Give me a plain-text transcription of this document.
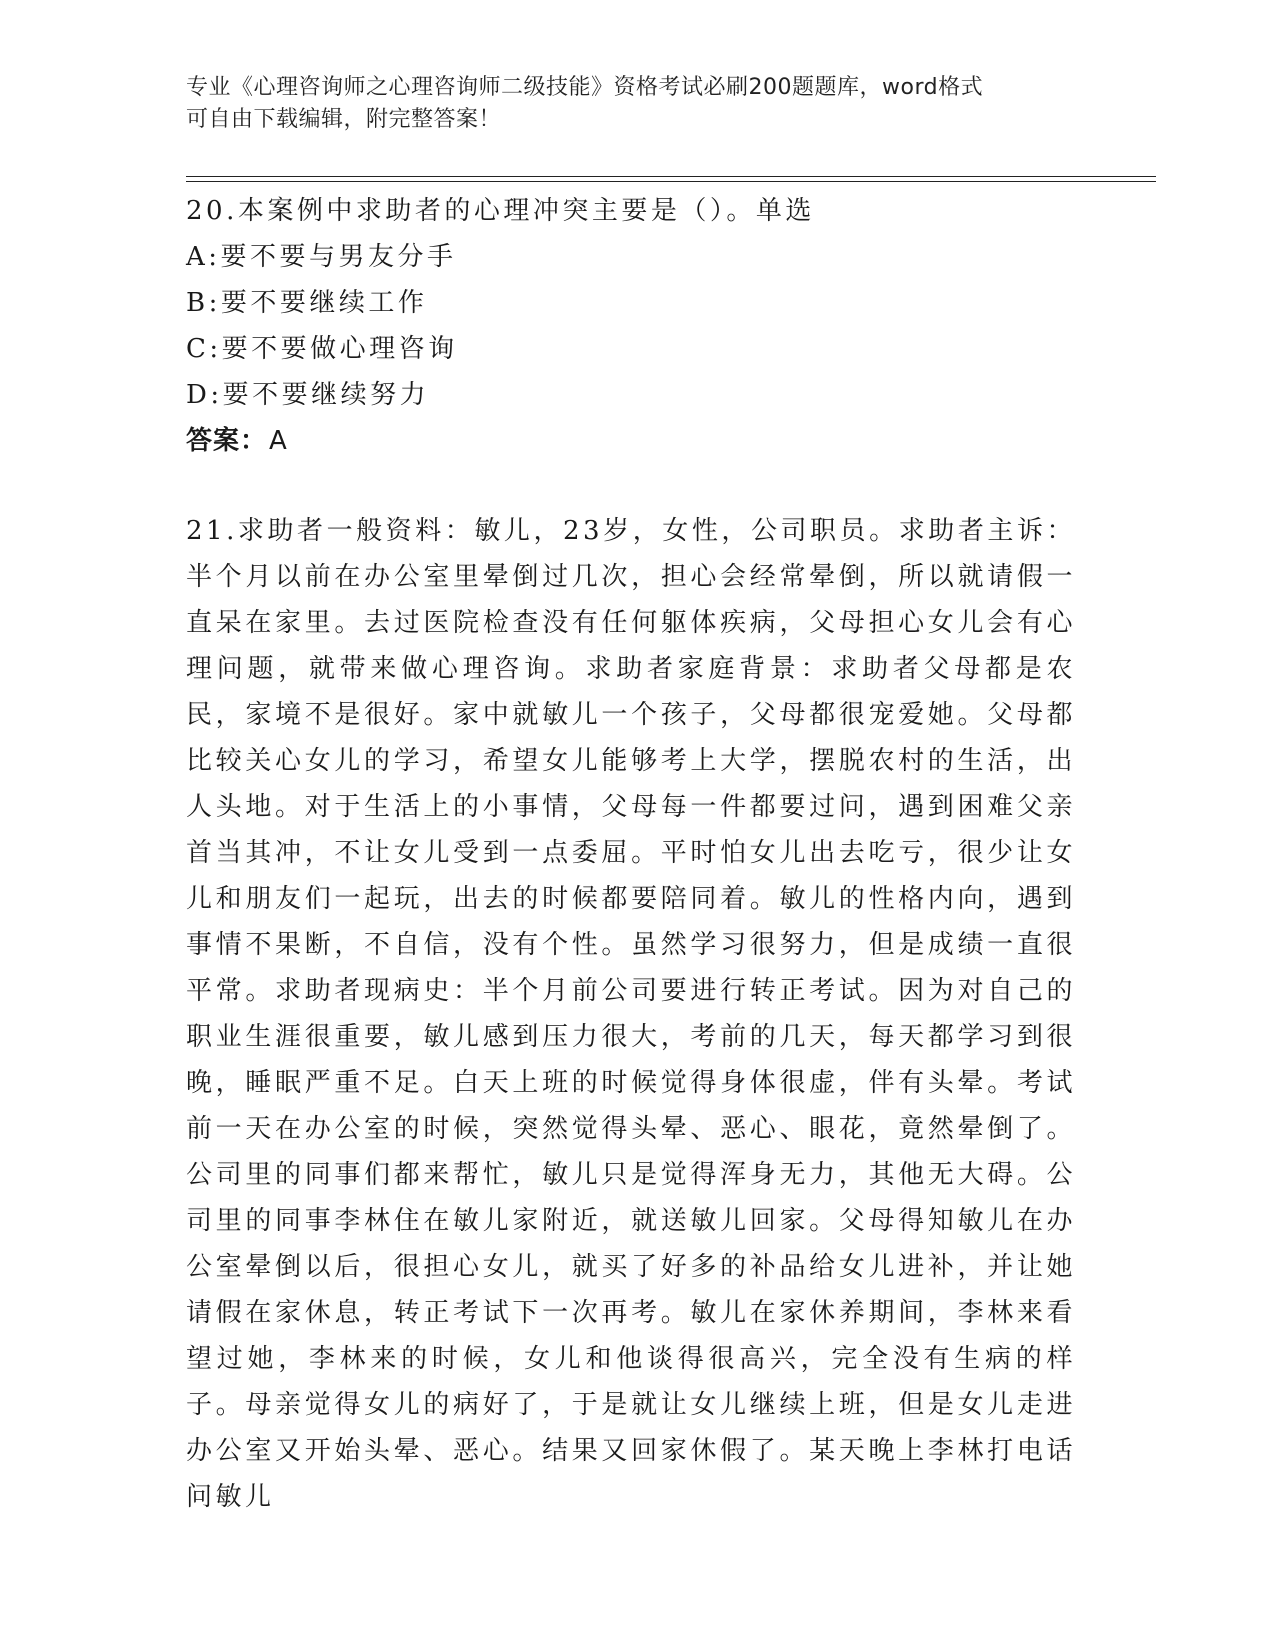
专业《心理咨询师之心理咨询师二级技能》资格考试必刷200题题库，word格式
可自由下载编辑，附完整答案！
20.本案例中求助者的心理冲突主要是（）。单选
A:要不要与男友分手
B:要不要继续工作
C:要不要做心理咨询
D:要不要继续努力
答案：A
21.求助者一般资料：敏儿，23岁，女性，公司职员。求助者主诉：半个月以前在办公室里晕倒过几次，担心会经常晕倒，所以就请假一直呆在家里。去过医院检查没有任何躯体疾病，父母担心女儿会有心理问题，就带来做心理咨询。求助者家庭背景：求助者父母都是农民，家境不是很好。家中就敏儿一个孩子，父母都很宠爱她。父母都比较关心女儿的学习，希望女儿能够考上大学，摆脱农村的生活，出人头地。对于生活上的小事情，父母每一件都要过问，遇到困难父亲首当其冲，不让女儿受到一点委屈。平时怕女儿出去吃亏，很少让女儿和朋友们一起玩，出去的时候都要陪同着。敏儿的性格内向，遇到事情不果断，不自信，没有个性。虽然学习很努力，但是成绩一直很平常。求助者现病史：半个月前公司要进行转正考试。因为对自己的职业生涯很重要，敏儿感到压力很大，考前的几天，每天都学习到很晚，睡眠严重不足。白天上班的时候觉得身体很虚，伴有头晕。考试前一天在办公室的时候，突然觉得头晕、恶心、眼花，竟然晕倒了。公司里的同事们都来帮忙，敏儿只是觉得浑身无力，其他无大碍。公司里的同事李林住在敏儿家附近，就送敏儿回家。父母得知敏儿在办公室晕倒以后，很担心女儿，就买了好多的补品给女儿进补，并让她请假在家休息，转正考试下一次再考。敏儿在家休养期间，李林来看望过她，李林来的时候，女儿和他谈得很高兴，完全没有生病的样子。母亲觉得女儿的病好了，于是就让女儿继续上班，但是女儿走进办公室又开始头晕、恶心。结果又回家休假了。某天晚上李林打电话问敏儿
